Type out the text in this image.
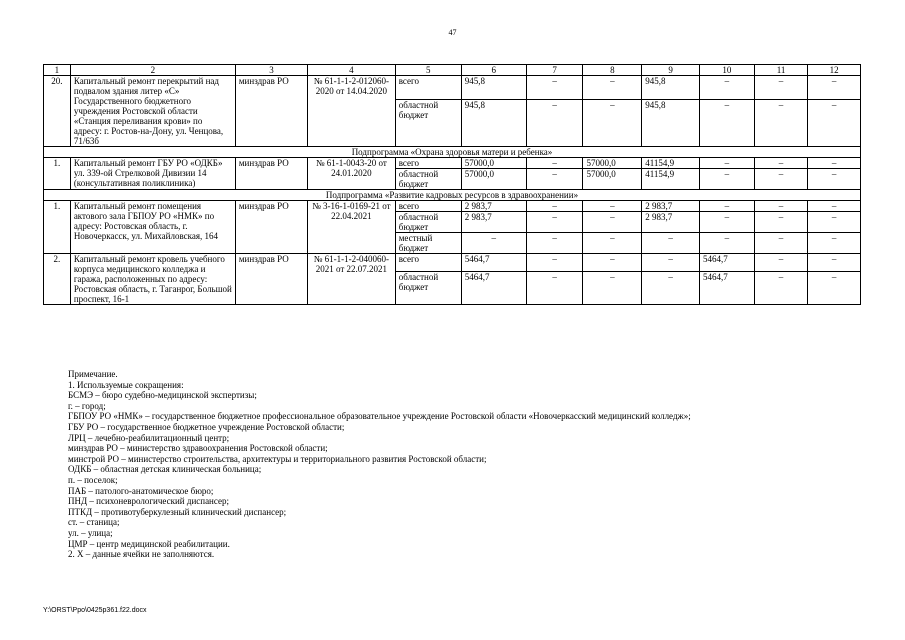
47
1	2	3	4	5	6	7	8	9	10	11	12
20.	Капитальный ремонт перекрытий над подвалом здания литер «С» Государственного бюджетного учреждения Ростовской области «Станция переливания крови» по адресу: г. Ростов-на-Дону, ул. Ченцова, 71/63б	минздрав РО	№ 61-1-1-2-012060-2020 от 14.04.2020	всего	945,8	–	–	945,8	–	–	–
				областной бюджет	945,8	–	–	945,8	–	–	–
Подпрограмма «Охрана здоровья матери и ребенка»											
1.	Капитальный ремонт ГБУ РО «ОДКБ» ул. 339-ой Стрелковой Дивизии 14 (консультативная поликлиника)	минздрав РО	№ 61-1-0043-20 от 24.01.2020	всего	57000,0	–	57000,0	41154,9	–	–	–
				областной бюджет	57000,0	–	57000,0	41154,9	–	–	–
Подпрограмма «Развитие кадровых ресурсов в здравоохранении»											
1.	Капитальный ремонт помещения актового зала ГБПОУ РО «НМК» по адресу: Ростовская область, г. Новочеркасск, ул. Михайловская, 164	минздрав РО	№ 3-16-1-0169-21 от 22.04.2021	всего	2 983,7	–	–	2 983,7	–	–	–
				областной бюджет	2 983,7	–	–	2 983,7	–	–	–
				местный бюджет	–	–	–	–	–	–	–
2.	Капитальный ремонт кровель учебного корпуса медицинского колледжа и гаража, расположенных по адресу: Ростовская область, г. Таганрог, Большой проспект, 16-1	минздрав РО	№ 61-1-1-2-040060-2021 от 22.07.2021	всего	5464,7	–	–	–	5464,7	–	–
				областной бюджет	5464,7	–	–	–	5464,7	–	–
Примечание.
1. Используемые сокращения:
БСМЭ – бюро судебно-медицинской экспертизы;
г. – город;
ГБПОУ РО «НМК» – государственное бюджетное профессиональное образовательное учреждение Ростовской области «Новочеркасский медицинский колледж»;
ГБУ РО – государственное бюджетное учреждение Ростовской области;
ЛРЦ – лечебно-реабилитационный центр;
минздрав РО – министерство здравоохранения Ростовской области;
минстрой РО – министерство строительства, архитектуры и территориального развития Ростовской области;
ОДКБ – областная детская клиническая больница;
п. – поселок;
ПАБ – патолого-анатомическое бюро;
ПНД – психоневрологический диспансер;
ПТКД – противотуберкулезный клинический диспансер;
ст. – станица;
ул. – улица;
ЦМР – центр медицинской реабилитации.
2. Х – данные ячейки не заполняются.
Y:\ORST\Ppo\0425p361.f22.docx
